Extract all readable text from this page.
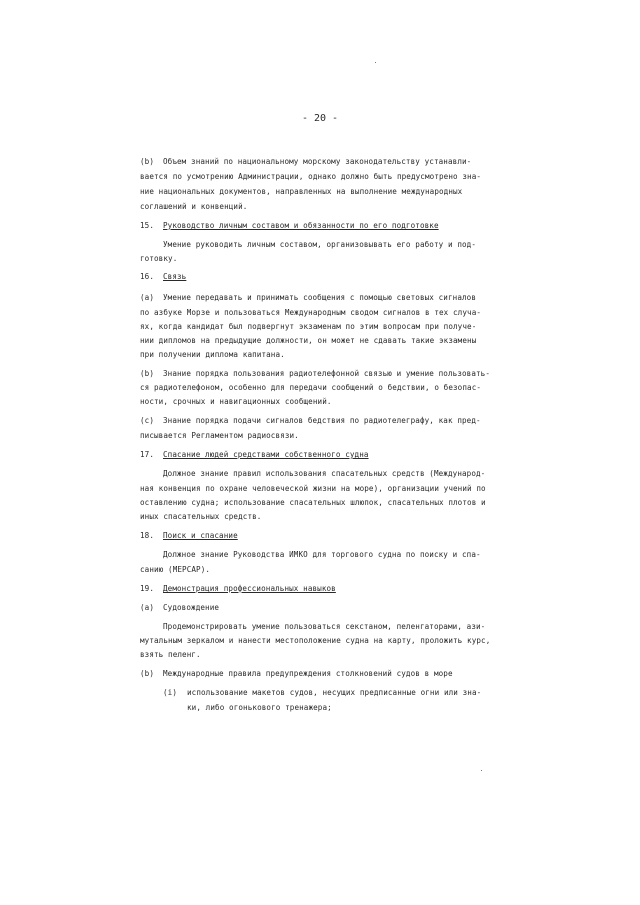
- 20 -
(b) Объем знаний по национальному морскому законодательству устанавли-
вается по усмотрению Администрации, однако должно быть предусмотрено зна-
ние национальных документов, направленных на выполнение международных
соглашений и конвенций.
15. Руководство личным составом и обязанности по его подготовке
Умение руководить личным составом, организовывать его работу и под-
готовку.
16. Связь
(a) Умение передавать и принимать сообщения с помощью световых сигналов
по азбуке Морзе и пользоваться Международным сводом сигналов в тех случа-
ях, когда кандидат был подвергнут экзаменам по этим вопросам при получе-
нии дипломов на предыдущие должности, он может не сдавать такие экзамены
при получении диплома капитана.
(b) Знание порядка пользования радиотелефонной связью и умение пользовать-
ся радиотелефоном, особенно для передачи сообщений о бедствии, о безопас-
ности, срочных и навигационных сообщений.
(c) Знание порядка подачи сигналов бедствия по радиотелеграфу, как пред-
писывается Регламентом радиосвязи.
17. Спасание людей средствами собственного судна
Должное знание правил использования спасательных средств (Международ-
ная конвенция по охране человеческой жизни на море), организации учений по
оставлению судна; использование спасательных шлюпок, спасательных плотов и
иных спасательных средств.
18. Поиск и спасание
Должное знание Руководства ИМКО для торгового судна по поиску и спа-
санию (МЕРСАР).
19. Демонстрация профессиональных навыков
(a) Судовождение
Продемонстрировать умение пользоваться секстаном, пеленгаторами, ази-
мутальным зеркалом и нанести местоположение судна на карту, проложить курс,
взять пеленг.
(b) Международные правила предупреждения столкновений судов в море
(i) использование макетов судов, несущих предписанные огни или зна-
ки, либо огонькового тренажера;
